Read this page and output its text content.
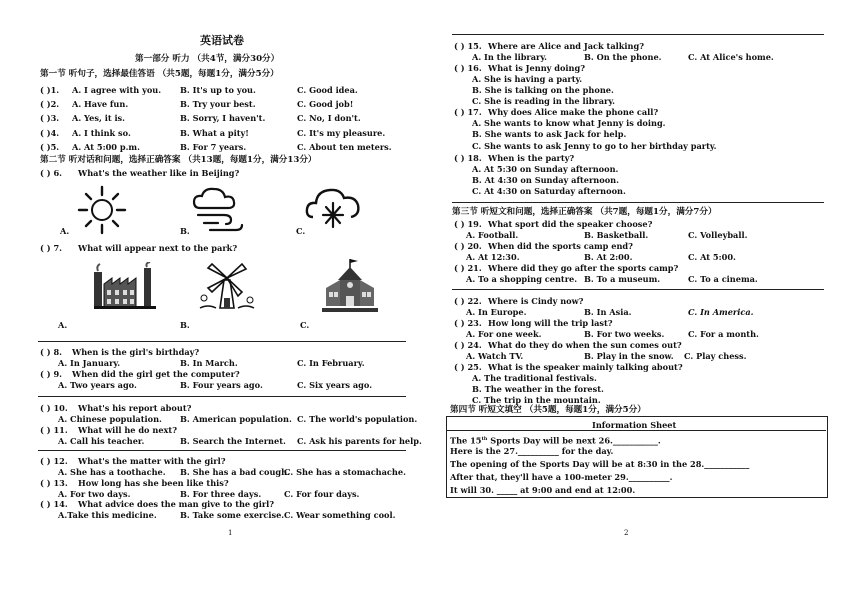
英语试卷
第一部分 听力 （共4节，满分30分）
第一节 听句子，选择最佳答语 （共5题，每题1分，满分5分）
( )1. A. I agree with you. B. It's up to you.	C. Good idea.
( )2. A. Have fun.	B. Try your best.	C. Good job!
( )3. A. Yes, it is.	B. Sorry, I haven't.	C. No, I don't.
( )4. A. I think so.	B. What a pity!	C. It's my pleasure.
( )5. A. At 5:00 p.m.	B. For 7 years.	C. About ten meters.
第二节 听对话和问题，选择正确答案 （共13题，每题1分，满分13分）
( ) 6. What's the weather like in Beijing?
A.	B.	C.
( ) 7. What will appear next to the park?
A.	B.	C.
( ) 8. When is the girl's birthday?
A. In January.	B. In March.	C. In February.
( ) 9. When did the girl get the computer?
A. Two years ago.	B. Four years ago.	C. Six years ago.
( ) 10. What's his report about?
A. Chinese population. B. American population. C. The world's population.
( ) 11. What will he do next?
A. Call his teacher.	B. Search the Internet. C. Ask his parents for help.
( ) 12. What's the matter with the girl?
A. She has a toothache. B. She has a bad cough.
C. She has a stomachache.
( ) 13. How long has she been like this?
A. For two days.	B. For three days.	C. For four days.
( ) 14. What advice does the man give to the girl?
A.Take this medicine.	B. Take some exercise. C. Wear something cool.
1
( ) 15. Where are Alice and Jack talking?
A. In the library.	B. On the phone.	C. At Alice's home.
( ) 16. What is Jenny doing?
A. She is having a party.
B. She is talking on the phone.
C. She is reading in the library.
( ) 17. Why does Alice make the phone call?
A. She wants to know what Jenny is doing.
B. She wants to ask Jack for help.
C. She wants to ask Jenny to go to her birthday party.
( ) 18. When is the party?
A. At 5:30 on Sunday afternoon.
B. At 4:30 on Sunday afternoon.
C. At 4:30 on Saturday afternoon.
第三节 听短文和问题，选择正确答案 （共7题，每题1分，满分7分）
( ) 19. What sport did the speaker choose?
A. Football.	B. Basketball.	C. Volleyball.
( ) 20. When did the sports camp end?
A. At 12:30.	B. At 2:00.	C. At 5:00.
( ) 21. Where did they go after the sports camp?
A. To a shopping centre. B. To a museum.	C. To a cinema.
( ) 22. Where is Cindy now?
A. In Europe.	B. In Asia.	C. In America.
( ) 23. How long will the trip last?
A. For one week.	B. For two weeks.	C. For a month.
( ) 24. What do they do when the sun comes out?
A. Watch TV.	B. Play in the snow. C. Play chess.
( ) 25. What is the speaker mainly talking about?
A. The traditional festivals.
B. The weather in the forest.
C. The trip in the mountain.
第四节 听短文填空 （共5题，每题1分，满分5分）
Information Sheet
The 15th Sports Day will be next 26.___________.
Here is the 27.__________ for the day.
The opening of the Sports Day will be at 8:30 in the 28.___________
After that, they'll have a 100-meter 29.__________.
It will 30. _____ at 9:00 and end at 12:00.
2
